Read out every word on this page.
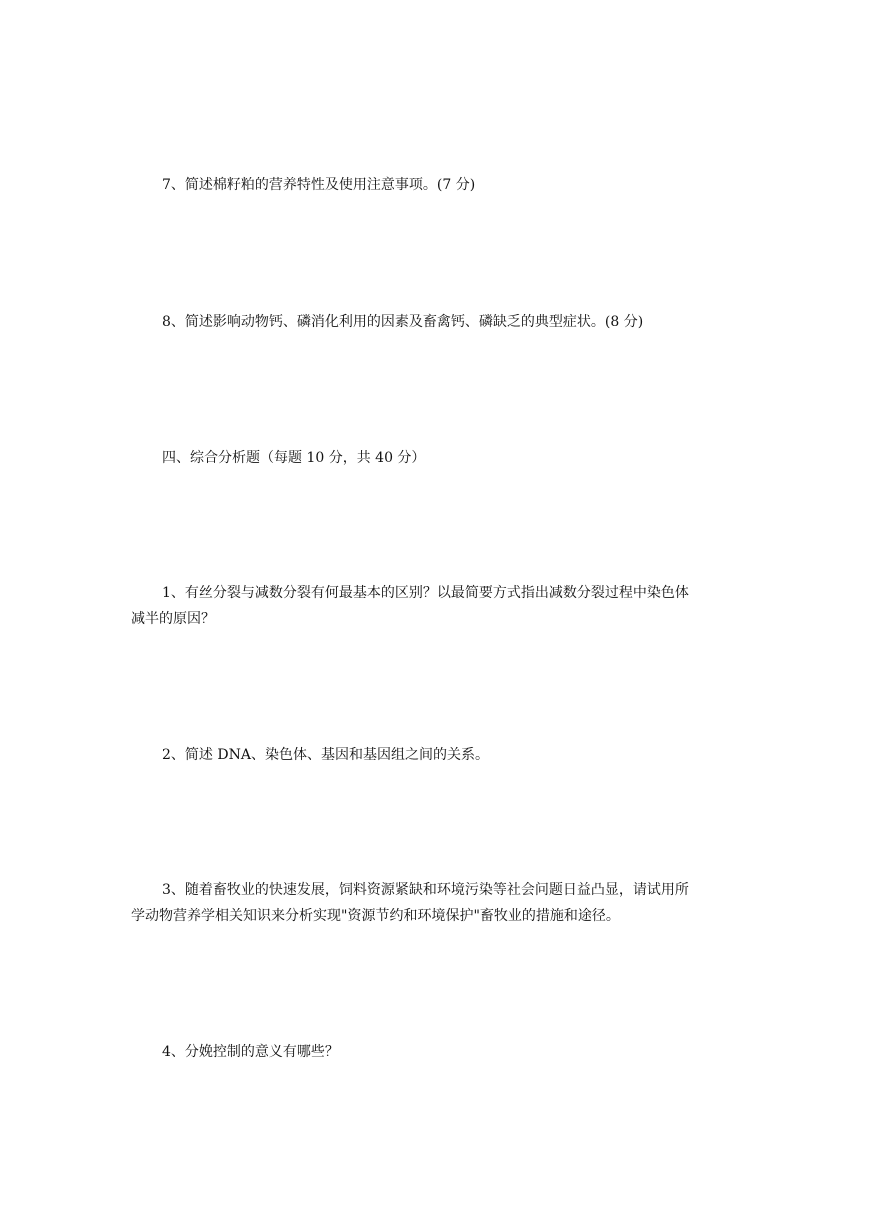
7、简述棉籽粕的营养特性及使用注意事项。(7 分)
8、简述影响动物钙、磷消化利用的因素及畜禽钙、磷缺乏的典型症状。(8 分)
四、综合分析题（每题 10 分，共 40 分）
1、有丝分裂与减数分裂有何最基本的区别？以最简要方式指出减数分裂过程中染色体
减半的原因？
2、简述 DNA、染色体、基因和基因组之间的关系。
3、随着畜牧业的快速发展，饲料资源紧缺和环境污染等社会问题日益凸显，请试用所
学动物营养学相关知识来分析实现"资源节约和环境保护"畜牧业的措施和途径。
4、分娩控制的意义有哪些？
